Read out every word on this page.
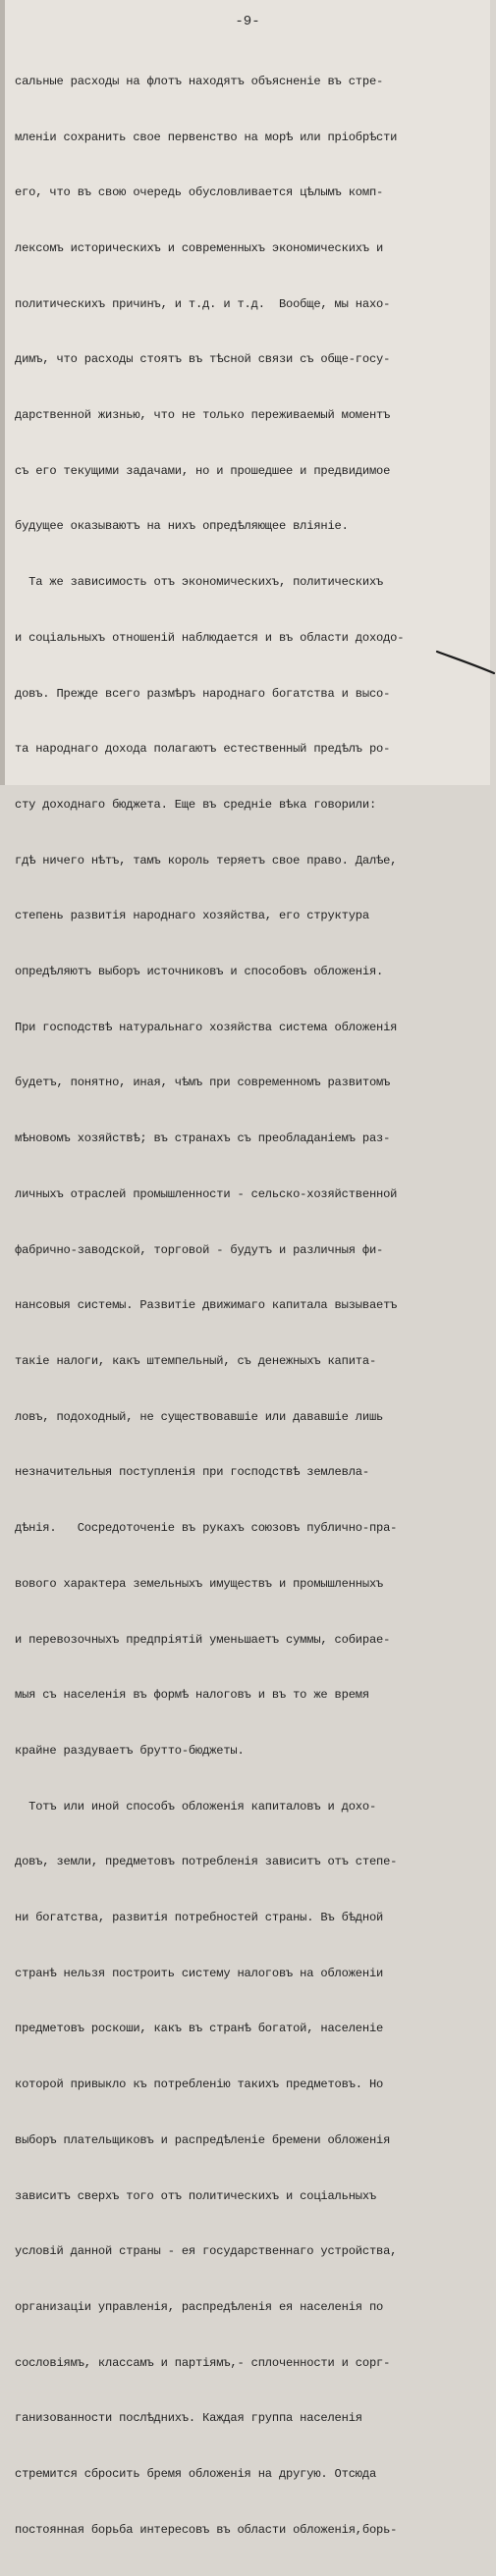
-9-

сальные расходы на флотъ находятъ объясненіе въ стре-

мленіи сохранить свое первенство на морѣ или пріобрѣсти

его, что въ свою очередь обусловливается цѣлымъ комп-

лексомъ историческихъ и современныхъ экономическихъ и

политическихъ причинъ, и т.д. и т.д.  Вообще, мы нахо-

димъ, что расходы стоятъ въ тѣсной связи съ обще-госу-

дарственной жизнью, что не только переживаемый моментъ

съ его текущими задачами, но и прошедшее и предвидимое

будущее оказываютъ на нихъ опредѣляющее вліяніе.

Та же зависимость отъ экономическихъ, политическихъ

и соціальныхъ отношеній наблюдается и въ области доходо-

довъ. Прежде всего размѣръ народнаго богатства и высо-

та народнаго дохода полагаютъ естественный предѣлъ ро-

сту доходнаго бюджета. Еще въ средніе вѣка говорили:

гдѣ ничего нѣтъ, тамъ король теряетъ свое право. Далѣе,

степень развитія народнаго хозяйства, его структура

опредѣляютъ выборъ источниковъ и способовъ обложенія.

При господствѣ натуральнаго хозяйства система обложенія

будетъ, понятно, иная, чѣмъ при современномъ развитомъ

мѣновомъ хозяйствѣ; въ странахъ съ преобладаніемъ раз-

личныхъ отраслей промышленности - сельско-хозяйственной

фабрично-заводской, торговой - будутъ и различныя фи-

нансовыя системы. Развитіе движимаго капитала вызываетъ

такіе налоги, какъ штемпельный, съ денежныхъ капита-

ловъ, подоходный, не существовавшіе или дававшіе лишь

незначительныя поступленія при господствѣ землевла-

дѣнія.   Сосредоточеніе въ рукахъ союзовъ публично-пра-

вового характера земельныхъ имуществъ и промышленныхъ

и перевозочныхъ предпріятій уменьшаетъ суммы, собирае-

мыя съ населенія въ формѣ налоговъ и въ то же время

крайне раздуваетъ брутто-бюджеты.

Тотъ или иной способъ обложенія капиталовъ и дохо-

довъ, земли, предметовъ потребленія зависитъ отъ степе-

ни богатства, развитія потребностей страны. Въ бѣдной

странѣ нельзя построить систему налоговъ на обложеніи

предметовъ роскоши, какъ въ странѣ богатой, населеніе

которой привыкло къ потребленію такихъ предметовъ. Но

выборъ плательщиковъ и распредѣленіе бремени обложенія

зависитъ сверхъ того отъ политическихъ и соціальныхъ

условій данной страны - ея государственнаго устройства,

организаціи управленія, распредѣленія ея населенія по

сословіямъ, классамъ и партіямъ,- сплоченности и сорг-

ганизованности послѣднихъ. Каждая группа населенія

стремится сбросить бремя обложенія на другую. Отсюда

постоянная борьба интересовъ въ области обложенія,борь-
